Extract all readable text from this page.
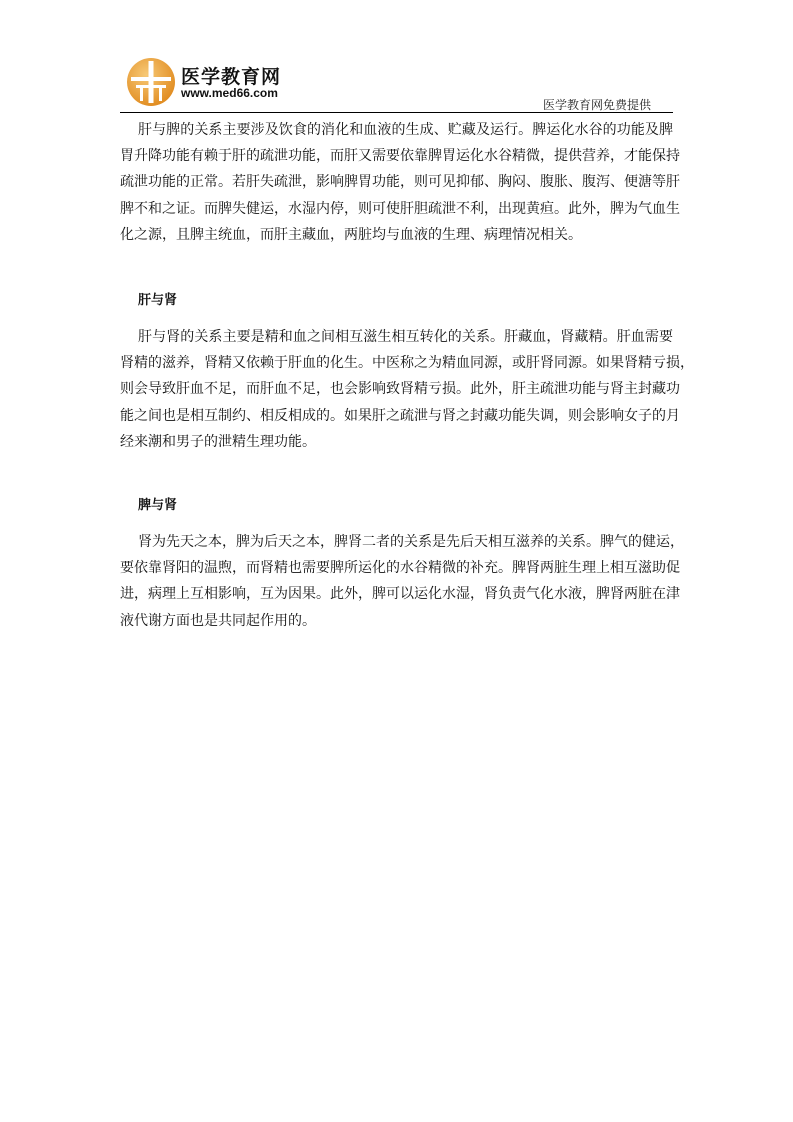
医学教育网
www.med66.com
医学教育网免费提供
肝与脾的关系主要涉及饮食的消化和血液的生成、贮藏及运行。脾运化水谷的功能及脾
胃升降功能有赖于肝的疏泄功能，而肝又需要依靠脾胃运化水谷精微，提供营养，才能保持
疏泄功能的正常。若肝失疏泄，影响脾胃功能，则可见抑郁、胸闷、腹胀、腹泻、便溏等肝
脾不和之证。而脾失健运，水湿内停，则可使肝胆疏泄不利，出现黄疸。此外，脾为气血生
化之源，且脾主统血，而肝主藏血，两脏均与血液的生理、病理情况相关。
肝与肾
肝与肾的关系主要是精和血之间相互滋生相互转化的关系。肝藏血，肾藏精。肝血需要
肾精的滋养，肾精又依赖于肝血的化生。中医称之为精血同源，或肝肾同源。如果肾精亏损，
则会导致肝血不足，而肝血不足，也会影响致肾精亏损。此外，肝主疏泄功能与肾主封藏功
能之间也是相互制约、相反相成的。如果肝之疏泄与肾之封藏功能失调，则会影响女子的月
经来潮和男子的泄精生理功能。
脾与肾
肾为先天之本，脾为后天之本，脾肾二者的关系是先后天相互滋养的关系。脾气的健运，
要依靠肾阳的温煦，而肾精也需要脾所运化的水谷精微的补充。脾肾两脏生理上相互滋助促
进，病理上互相影响，互为因果。此外，脾可以运化水湿，肾负责气化水液，脾肾两脏在津
液代谢方面也是共同起作用的。
